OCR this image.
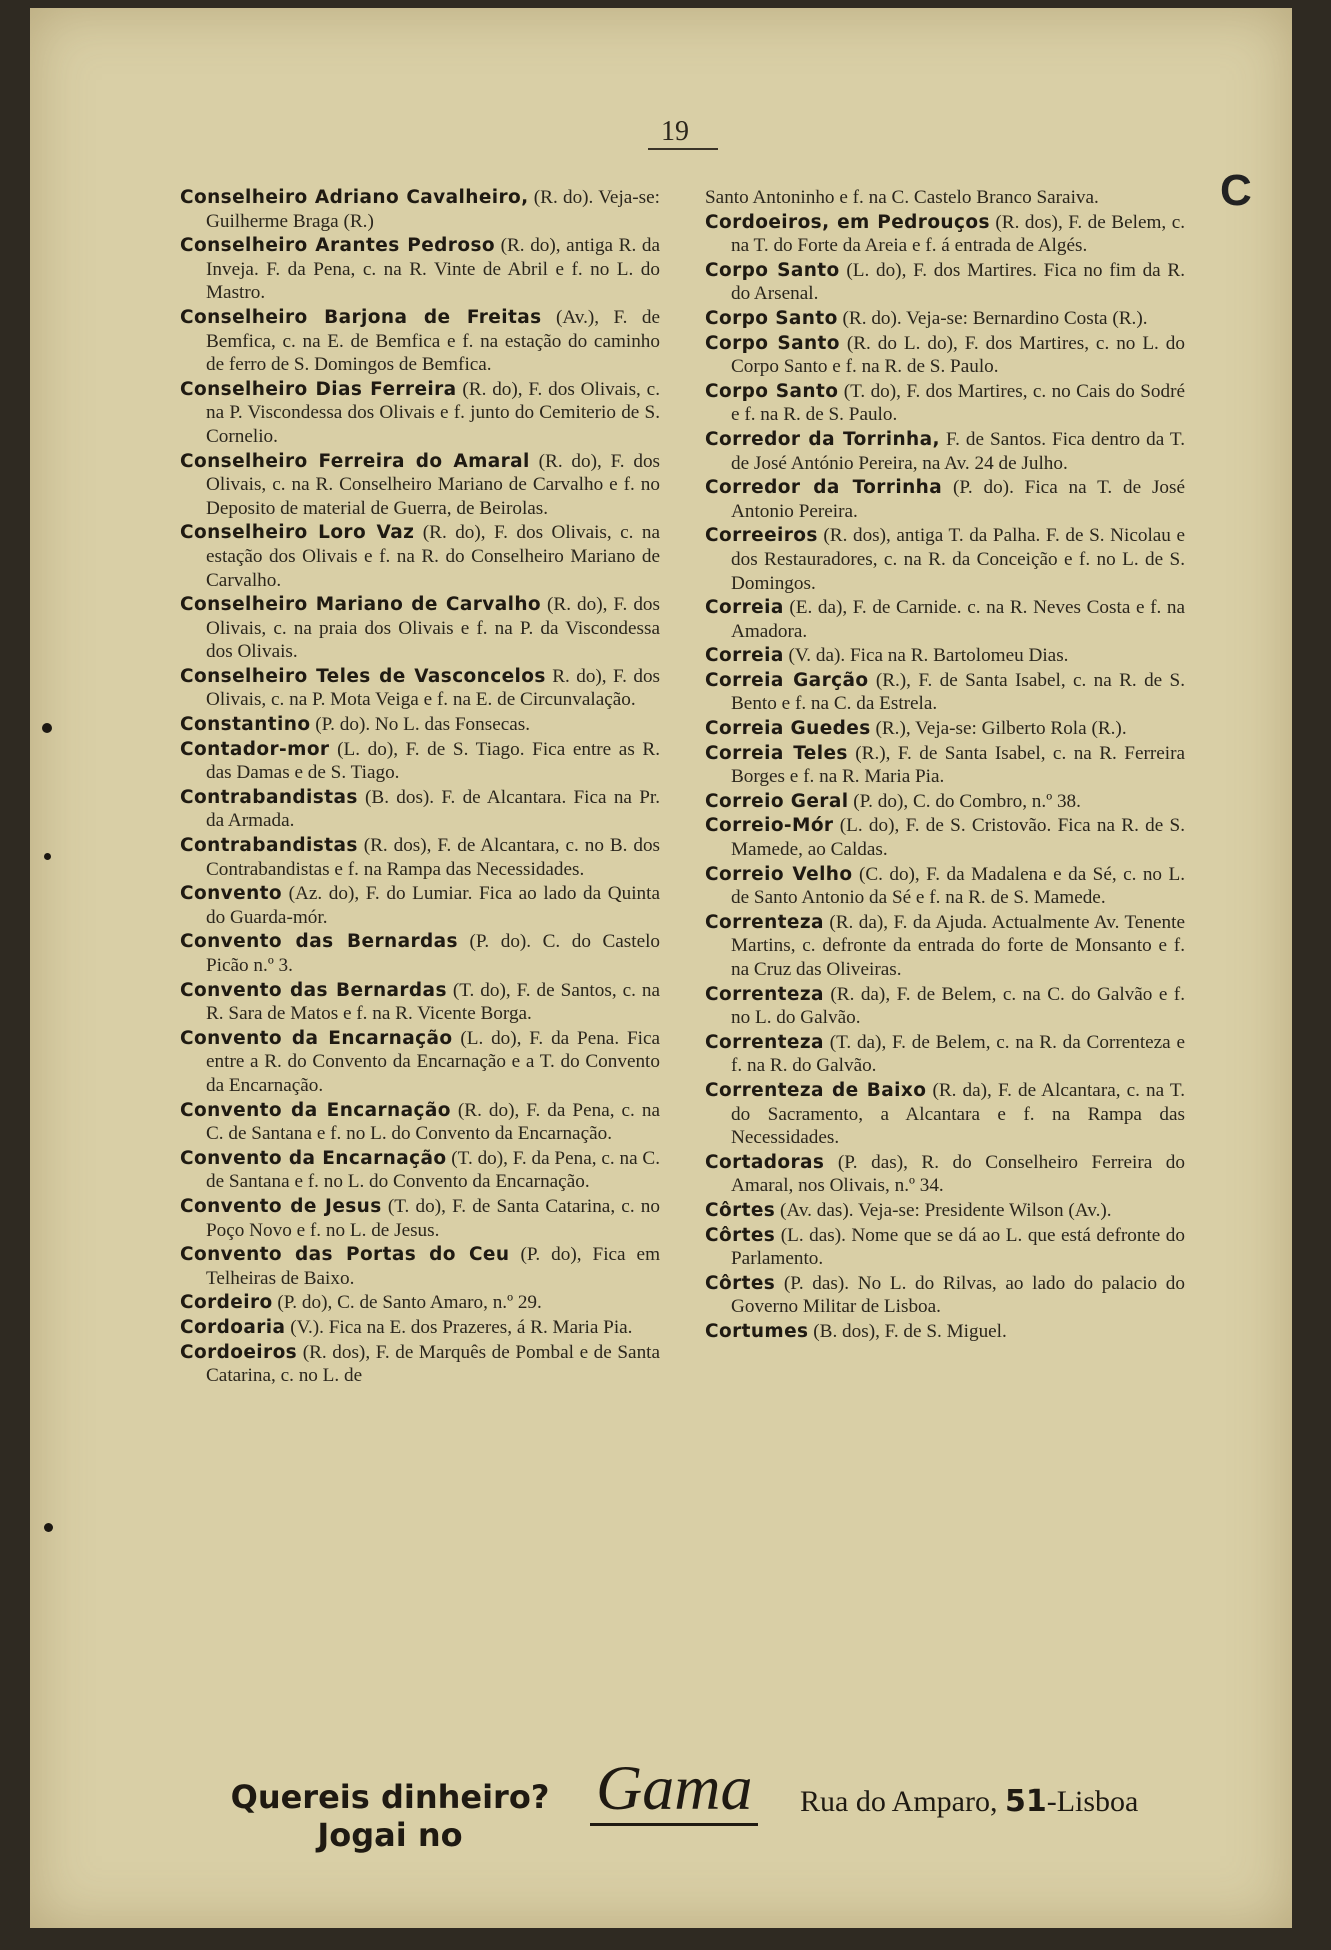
19
C

Conselheiro Adriano Cavalheiro, (R. do). Veja-se: Guilherme Braga (R.)

Conselheiro Arantes Pedroso (R. do), antiga R. da Inveja. F. da Pena, c. na R. Vinte de Abril e f. no L. do Mastro.

Conselheiro Barjona de Freitas (Av.), F. de Bemfica, c. na E. de Bemfica e f. na estação do caminho de ferro de S. Domingos de Bemfica.

Conselheiro Dias Ferreira (R. do), F. dos Olivais, c. na P. Viscondessa dos Olivais e f. junto do Cemiterio de S. Cornelio.

Conselheiro Ferreira do Amaral (R. do), F. dos Olivais, c. na R. Conselheiro Mariano de Carvalho e f. no Deposito de material de Guerra, de Beirolas.

Conselheiro Loro Vaz (R. do), F. dos Olivais, c. na estação dos Olivais e f. na R. do Conselheiro Mariano de Carvalho.

Conselheiro Mariano de Carvalho (R. do), F. dos Olivais, c. na praia dos Olivais e f. na P. da Viscondessa dos Olivais.

Conselheiro Teles de Vasconcelos R. do), F. dos Olivais, c. na P. Mota Veiga e f. na E. de Circunvalação.

Constantino (P. do). No L. das Fonsecas.

Contador-mor (L. do), F. de S. Tiago. Fica entre as R. das Damas e de S. Tiago.

Contrabandistas (B. dos). F. de Alcantara. Fica na Pr. da Armada.

Contrabandistas (R. dos), F. de Alcantara, c. no B. dos Contrabandistas e f. na Rampa das Necessidades.

Convento (Az. do), F. do Lumiar. Fica ao lado da Quinta do Guarda-mór.

Convento das Bernardas (P. do). C. do Castelo Picão n.º 3.

Convento das Bernardas (T. do), F. de Santos, c. na R. Sara de Matos e f. na R. Vicente Borga.

Convento da Encarnação (L. do), F. da Pena. Fica entre a R. do Convento da Encarnação e a T. do Convento da Encarnação.

Convento da Encarnação (R. do), F. da Pena, c. na C. de Santana e f. no L. do Convento da Encarnação.

Convento da Encarnação (T. do), F. da Pena, c. na C. de Santana e f. no L. do Convento da Encarnação.

Convento de Jesus (T. do), F. de Santa Catarina, c. no Poço Novo e f. no L. de Jesus.

Convento das Portas do Ceu (P. do), Fica em Telheiras de Baixo.

Cordeiro (P. do), C. de Santo Amaro, n.º 29.

Cordoaria (V.). Fica na E. dos Prazeres, á R. Maria Pia.

Cordoeiros (R. dos), F. de Marquês de Pombal e de Santa Catarina, c. no L. de

Santo Antoninho e f. na C. Castelo Branco Saraiva.

Cordoeiros, em Pedrouços (R. dos), F. de Belem, c. na T. do Forte da Areia e f. á entrada de Algés.

Corpo Santo (L. do), F. dos Martires. Fica no fim da R. do Arsenal.

Corpo Santo (R. do). Veja-se: Bernardino Costa (R.).

Corpo Santo (R. do L. do), F. dos Martires, c. no L. do Corpo Santo e f. na R. de S. Paulo.

Corpo Santo (T. do), F. dos Martires, c. no Cais do Sodré e f. na R. de S. Paulo.

Corredor da Torrinha, F. de Santos. Fica dentro da T. de José António Pereira, na Av. 24 de Julho.

Corredor da Torrinha (P. do). Fica na T. de José Antonio Pereira.

Correeiros (R. dos), antiga T. da Palha. F. de S. Nicolau e dos Restauradores, c. na R. da Conceição e f. no L. de S. Domingos.

Correia (E. da), F. de Carnide. c. na R. Neves Costa e f. na Amadora.

Correia (V. da). Fica na R. Bartolomeu Dias.

Correia Garção (R.), F. de Santa Isabel, c. na R. de S. Bento e f. na C. da Estrela.

Correia Guedes (R.), Veja-se: Gilberto Rola (R.).

Correia Teles (R.), F. de Santa Isabel, c. na R. Ferreira Borges e f. na R. Maria Pia.

Correio Geral (P. do), C. do Combro, n.º 38.

Correio-Mór (L. do), F. de S. Cristovão. Fica na R. de S. Mamede, ao Caldas.

Correio Velho (C. do), F. da Madalena e da Sé, c. no L. de Santo Antonio da Sé e f. na R. de S. Mamede.

Correnteza (R. da), F. da Ajuda. Actualmente Av. Tenente Martins, c. defronte da entrada do forte de Monsanto e f. na Cruz das Oliveiras.

Correnteza (R. da), F. de Belem, c. na C. do Galvão e f. no L. do Galvão.

Correnteza (T. da), F. de Belem, c. na R. da Correnteza e f. na R. do Galvão.

Correnteza de Baixo (R. da), F. de Alcantara, c. na T. do Sacramento, a Alcantara e f. na Rampa das Necessidades.

Cortadoras (P. das), R. do Conselheiro Ferreira do Amaral, nos Olivais, n.º 34.

Côrtes (Av. das). Veja-se: Presidente Wilson (Av.).

Côrtes (L. das). Nome que se dá ao L. que está defronte do Parlamento.

Côrtes (P. das). No L. do Rilvas, ao lado do palacio do Governo Militar de Lisboa.

Cortumes (B. dos), F. de S. Miguel.

Quereis dinheiro?
Jogai no
Gama Rua do Amparo, 51-Lisboa
